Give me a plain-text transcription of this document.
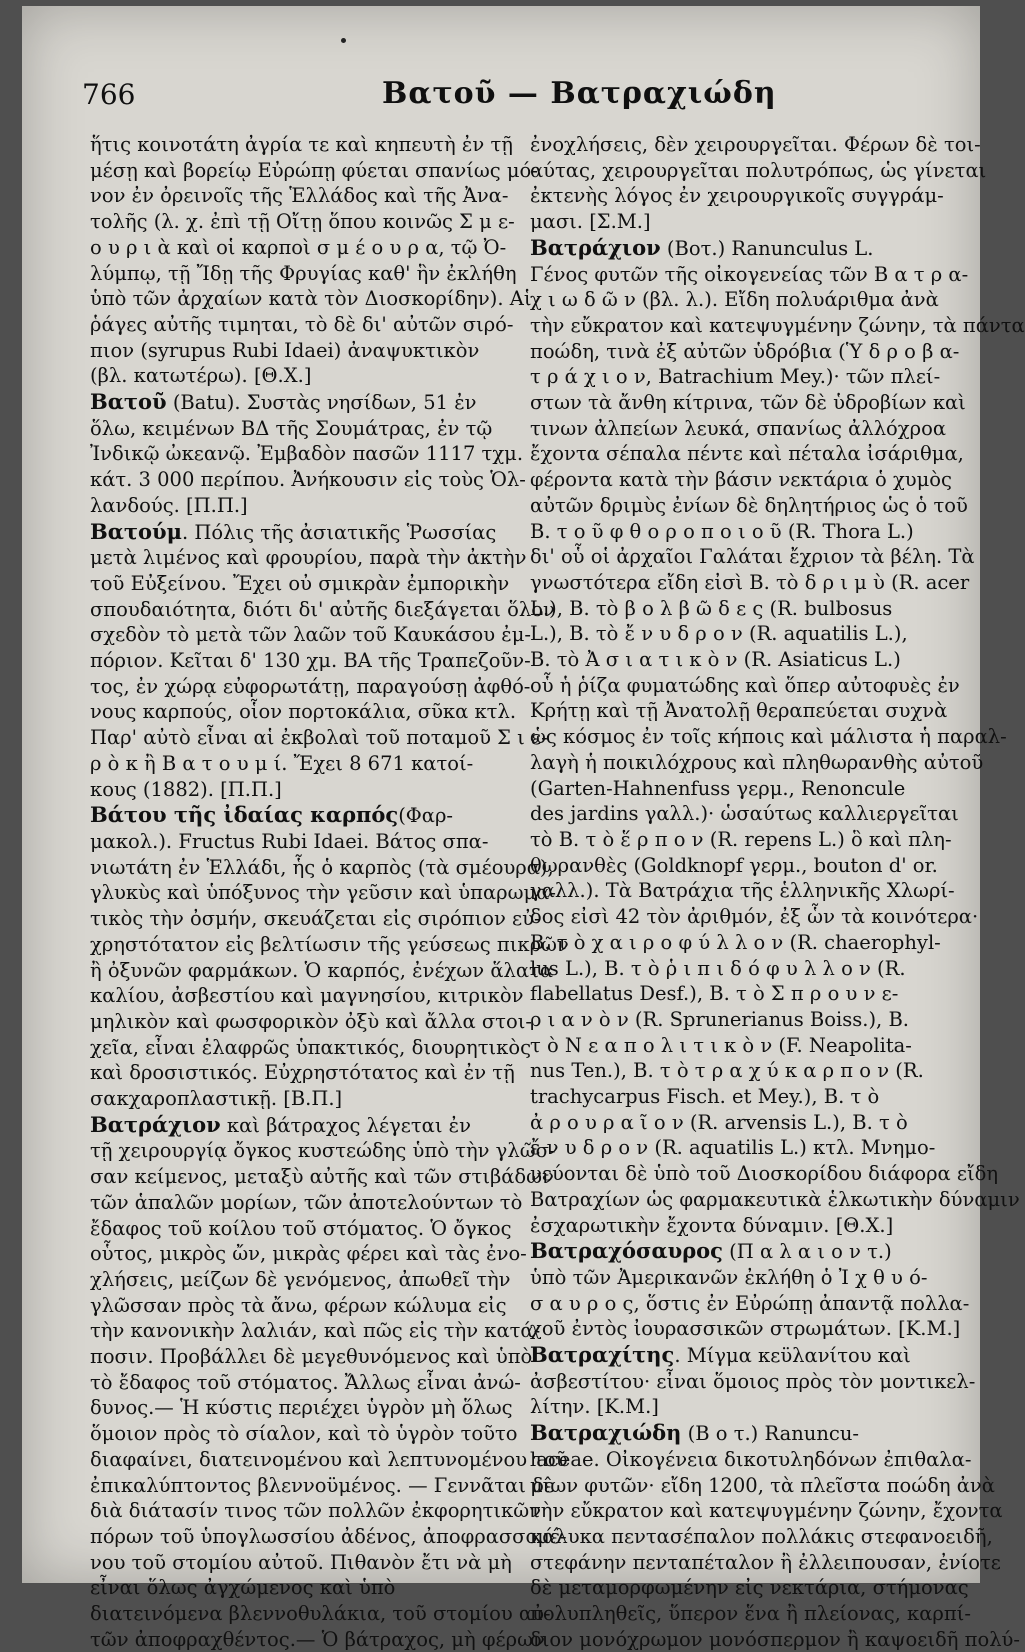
766	Βατοῦ — Βατραχιώδη

ἥτις κοινοτάτη ἀγρία τε καὶ κηπευτὴ ἐν τῇ
μέσῃ καὶ βορείῳ Εὐρώπῃ φύεται σπανίως μό-
νον ἐν ὀρεινοῖς τῆς Ἑλλάδος καὶ τῆς Ἀνα-
τολῆς (λ. χ. ἐπὶ τῇ Οἴτῃ ὅπου κοινῶς Σ μ ε-
ο υ ρ ι ὰ καὶ οἱ καρποὶ σ μ έ ο υ ρ α, τῷ Ὀ-
λύμπῳ, τῇ Ἴδῃ τῆς Φρυγίας καθ' ἣν ἐκλήθη
ὑπὸ τῶν ἀρχαίων κατὰ τὸν Διοσκορίδην). Αἱ
ῥάγες αὐτῆς τιμηται, τὸ δὲ δι' αὐτῶν σιρό-
πιον (syrupus Rubi Idaei) ἀναψυκτικὸν
(βλ. κατωτέρω). [Θ.Χ.]

Βατοῦ (Batu). Συστὰς νησίδων, 51 ἐν
ὅλω, κειμένων ΒΔ τῆς Σουμάτρας, ἐν τῷ
Ἰνδικῷ ὠκεανῷ. Ἐμβαδὸν πασῶν 1117 τχμ.
κάτ. 3 000 περίπου. Ἀνήκουσιν εἰς τοὺς Ὁλ-
λανδούς. [Π.Π.]

Βατούμ. Πόλις τῆς ἀσιατικῆς Ῥωσσίας
μετὰ λιμένος καὶ φρουρίου, παρὰ τὴν ἀκτὴν
τοῦ Εὐξείνου. Ἔχει οὐ σμικρὰν ἐμπορικὴν
σπουδαιότητα, διότι δι' αὐτῆς διεξάγεται ὅλον
σχεδὸν τὸ μετὰ τῶν λαῶν τοῦ Καυκάσου ἐμ-
πόριον. Κεῖται δ' 130 χμ. ΒΑ τῆς Τραπεζοῦν-
τος, ἐν χώρᾳ εὐφορωτάτῃ, παραγούσῃ ἀφθό-
νους καρπούς, οἷον πορτοκάλια, σῦκα κτλ.
Παρ' αὐτὸ εἶναι αἱ ἐκβολαὶ τοῦ ποταμοῦ Σ ι ε-
ρ ὸ κ ἢ Β α τ ο υ μ ί. Ἔχει 8 671 κατοί-
κους (1882). [Π.Π.]

Βάτου τῆς ἰδαίας καρπός(Φαρ-
μακολ.). Fructus Rubi Idaei. Βάτος σπα-
νιωτάτη ἐν Ἑλλάδι, ἧς ὁ καρπὸς (τὰ σμέουρα),
γλυκὺς καὶ ὑπόξυνος τὴν γεῦσιν καὶ ὑπαρωμα-
τικὸς τὴν ὀσμήν, σκευάζεται εἰς σιρόπιον εὐ-
χρηστότατον εἰς βελτίωσιν τῆς γεύσεως πικρῶν
ἢ ὀξυνῶν φαρμάκων. Ὁ καρπός, ἐνέχων ἅλατα
καλίου, ἀσβεστίου καὶ μαγνησίου, κιτρικὸν
μηλικὸν καὶ φωσφορικὸν ὀξὺ καὶ ἄλλα στοι-
χεῖα, εἶναι ἐλαφρῶς ὑπακτικός, διουρητικὸς
καὶ δροσιστικός. Εὐχρηστότατος καὶ ἐν τῇ
σακχαροπλαστικῇ. [Β.Π.]

Βατράχιον καὶ βάτραχος λέγεται ἐν
τῇ χειρουργίᾳ ὄγκος κυστεώδης ὑπὸ τὴν γλῶσ-
σαν κείμενος, μεταξὺ αὐτῆς καὶ τῶν στιβάδων
τῶν ἁπαλῶν μορίων, τῶν ἀποτελούντων τὸ
ἔδαφος τοῦ κοίλου τοῦ στόματος. Ὁ ὄγκος
οὗτος, μικρὸς ὤν, μικρὰς φέρει καὶ τὰς ἐνο-
χλήσεις, μείζων δὲ γενόμενος, ἀπωθεῖ τὴν
γλῶσσαν πρὸς τὰ ἄνω, φέρων κώλυμα εἰς
τὴν κανονικὴν λαλιάν, καὶ πῶς εἰς τὴν κατά-
ποσιν. Προβάλλει δὲ μεγεθυνόμενος καὶ ὑπὸ
τὸ ἔδαφος τοῦ στόματος. Ἄλλως εἶναι ἀνώ-
δυνος.— Ἡ κύστις περιέχει ὑγρὸν μὴ ὅλως
ὅμοιον πρὸς τὸ σίαλον, καὶ τὸ ὑγρὸν τοῦτο
διαφαίνει, διατεινομένου καὶ λεπτυνομένου τοῦ
ἐπικαλύπτοντος βλεννοϋμένος. — Γεννᾶται δὲ
διὰ διάτασίν τινος τῶν πολλῶν ἐκφορητικῶν
πόρων τοῦ ὑπογλωσσίου ἀδένος, ἀποφρασσομέ-
νου τοῦ στομίου αὐτοῦ. Πιθανὸν ἔτι νὰ μὴ
εἶναι ὅλως ἀγχώμενος καὶ ὑπὸ
διατεινόμενα βλεννοθυλάκια, τοῦ στομίου αὐ-
τῶν ἀποφραχθέντος.— Ὁ βάτραχος, μὴ φέρων

ἐνοχλήσεις, δὲν χειρουργεῖται. Φέρων δὲ τοι-
αύτας, χειρουργεῖται πολυτρόπως, ὡς γίνεται
ἐκτενὴς λόγος ἐν χειρουργικοῖς συγγράμ-
μασι. [Σ.Μ.]

Βατράχιον (Βοτ.) Ranunculus L.
Γένος φυτῶν τῆς οἰκογενείας τῶν Β α τ ρ α-
χ ι ω δ ῶ ν (βλ. λ.). Εἴδη πολυάριθμα ἀνὰ
τὴν εὔκρατον καὶ κατεψυγμένην ζώνην, τὰ πάντα
ποώδη, τινὰ ἐξ αὐτῶν ὑδρόβια (Ὑ δ ρ ο β α-
τ ρ ά χ ι ο ν, Batrachium Mey.)· τῶν πλεί-
στων τὰ ἄνθη κίτρινα, τῶν δὲ ὑδροβίων καὶ
τινων ἀλπείων λευκά, σπανίως ἀλλόχροα
ἔχοντα σέπαλα πέντε καὶ πέταλα ἰσάριθμα,
φέροντα κατὰ τὴν βάσιν νεκτάρια ὁ χυμὸς
αὐτῶν δριμὺς ἐνίων δὲ δηλητήριος ὡς ὁ τοῦ
Β. τ ο ῦ φ θ ο ρ ο π ο ι ο ῦ (R. Thora L.)
δι' οὗ οἱ ἀρχαῖοι Γαλάται ἔχριον τὰ βέλη. Τὰ
γνωστότερα εἴδη εἰσὶ Β. τὸ δ ρ ι μ ὺ (R. acer
L.), Β. τὸ β ο λ β ῶ δ ε ς (R. bulbosus
L.), Β. τὸ ἔ ν υ δ ρ ο ν (R. aquatilis L.),
Β. τὸ Ἀ σ ι α τ ι κ ὸ ν (R. Asiaticus L.)
οὗ ἡ ῥίζα φυματώδης καὶ ὅπερ αὐτοφυὲς ἐν
Κρήτῃ καὶ τῇ Ἀνατολῇ θεραπεύεται συχνὰ
ὡς κόσμος ἐν τοῖς κήποις καὶ μάλιστα ἡ παραλ-
λαγὴ ἡ ποικιλόχρους καὶ πληθωρανθὴς αὐτοῦ
(Garten-Hahnenfuss γερμ., Renoncule
des jardins γαλλ.)· ὡσαύτως καλλιεργεῖται
τὸ Β. τ ὸ ἕ ρ π ο ν (R. repens L.) ὃ καὶ πλη-
θωρανθὲς (Goldknopf γερμ., bouton d' or.
γαλλ.). Τὰ Βατράχια τῆς ἑλληνικῆς Χλωρί-
δος εἰσὶ 42 τὸν ἀριθμόν, ἐξ ὧν τὰ κοινότερα·
Β. τ ὸ χ α ι ρ ο φ ύ λ λ ο ν (R. chaerophyl-
lus L.), Β. τ ὸ ῥ ι π ι δ ό φ υ λ λ ο ν (R.
flabellatus Desf.), Β. τ ὸ Σ π ρ ο υ ν ε-
ρ ι α ν ὸ ν (R. Sprunerianus Boiss.), Β.
τ ὸ Ν ε α π ο λ ι τ ι κ ὸ ν (F. Neapolita-
nus Ten.), Β. τ ὸ τ ρ α χ ύ κ α ρ π ο ν (R.
trachycarpus Fisch. et Mey.), Β. τ ὸ
ἀ ρ ο υ ρ α ῖ ο ν (R. arvensis L.), Β. τ ὸ
ἔ ν υ δ ρ ο ν (R. aquatilis L.) κτλ. Μνημο-
νεύονται δὲ ὑπὸ τοῦ Διοσκορίδου διάφορα εἴδη
Βατραχίων ὡς φαρμακευτικὰ ἑλκωτικὴν δύναμιν
ἐσχαρωτικὴν ἔχοντα δύναμιν. [Θ.Χ.]

Βατραχόσαυρος (Π α λ α ι ο ν τ.)
ὑπὸ τῶν Ἀμερικανῶν ἐκλήθη ὁ Ἰ χ θ υ ό-
σ α υ ρ ο ς, ὅστις ἐν Εὐρώπῃ ἀπαντᾷ πολλα-
χοῦ ἐντὸς ἰουρασσικῶν στρωμάτων. [Κ.Μ.]

Βατραχίτης. Μίγμα κεϋλανίτου καὶ
ἀσβεστίτου· εἶναι ὅμοιος πρὸς τὸν μοντικελ-
λίτην. [Κ.Μ.]

Βατραχιώδη (Β ο τ.) Ranuncu-
laceae. Οἰκογένεια δικοτυληδόνων ἐπιθαλα-
μίων φυτῶν· εἴδη 1200, τὰ πλεῖστα ποώδη ἀνὰ
τὴν εὔκρατον καὶ κατεψυγμένην ζώνην, ἔχοντα
κάλυκα πεντασέπαλον πολλάκις στεφανοειδῆ,
στεφάνην πενταπέταλον ἢ ἐλλειπουσαν, ἐνίοτε
δὲ μεταμορφωμένην εἰς νεκτάρια, στήμονας
πολυπληθεῖς, ὕπερον ἕνα ἢ πλείονας, καρπί-
διον μονόχρωμον μονόσπερμον ἢ καψοειδῆ πολύ-
